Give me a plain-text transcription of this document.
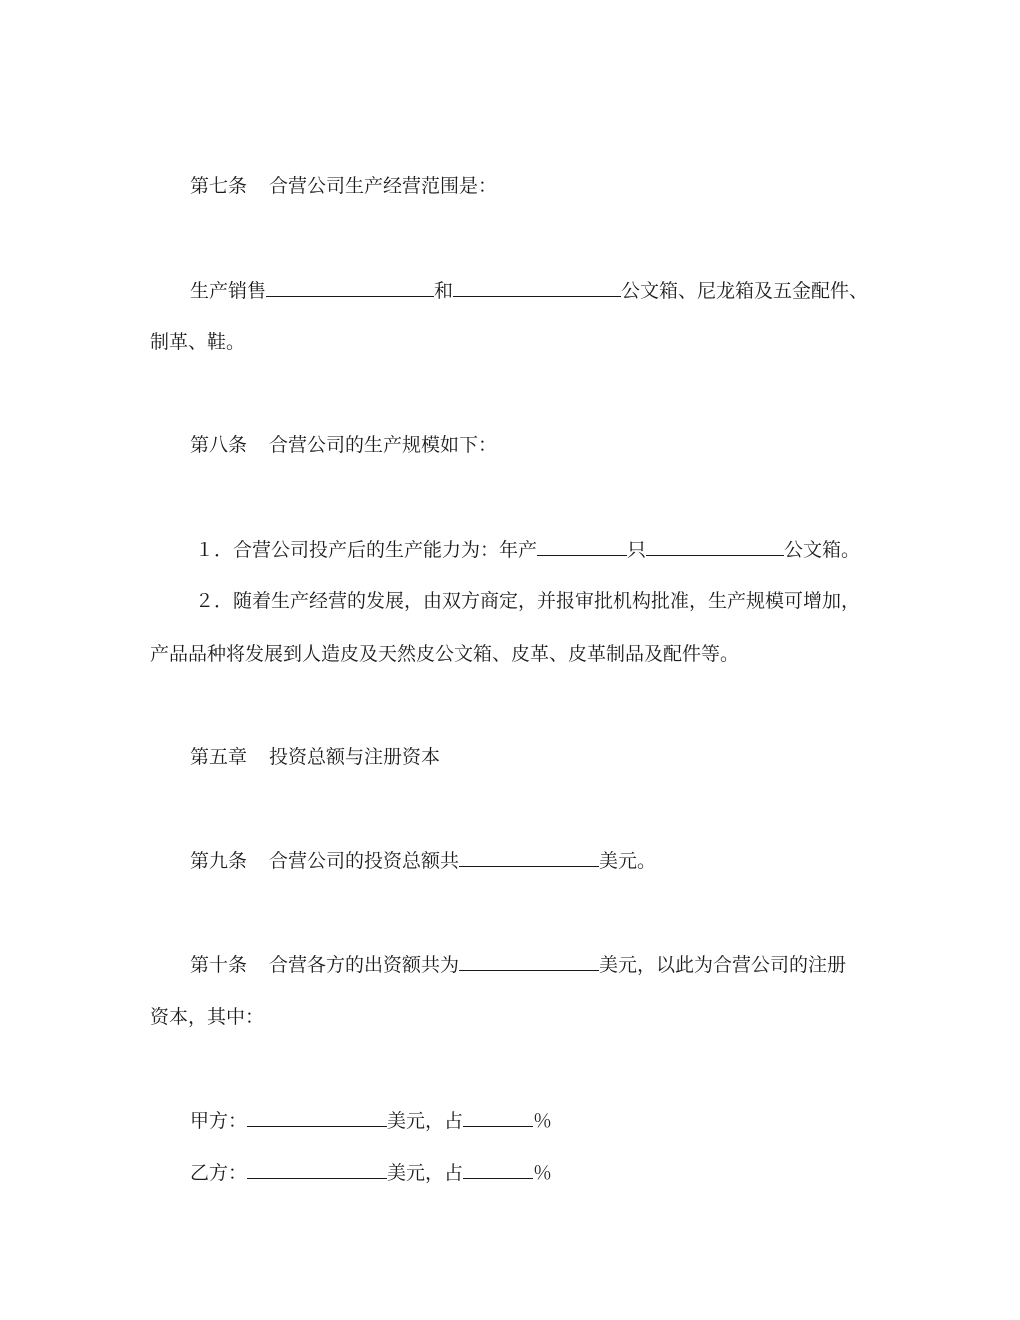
第七条 合营公司生产经营范围是：
生产销售	和	公文箱、尼龙箱及五金配件、
制革、鞋。
第八条 合营公司的生产规模如下：
１．合营公司投产后的生产能力为：年产	只	公文箱。
２．随着生产经营的发展，由双方商定，并报审批机构批准，生产规模可增加，
产品品种将发展到人造皮及天然皮公文箱、皮革、皮革制品及配件等。
第五章 投资总额与注册资本
第九条 合营公司的投资总额共	美元。
第十条 合营各方的出资额共为	美元，以此为合营公司的注册
资本，其中：
甲方：	美元，占	％
乙方：	美元，占	％
